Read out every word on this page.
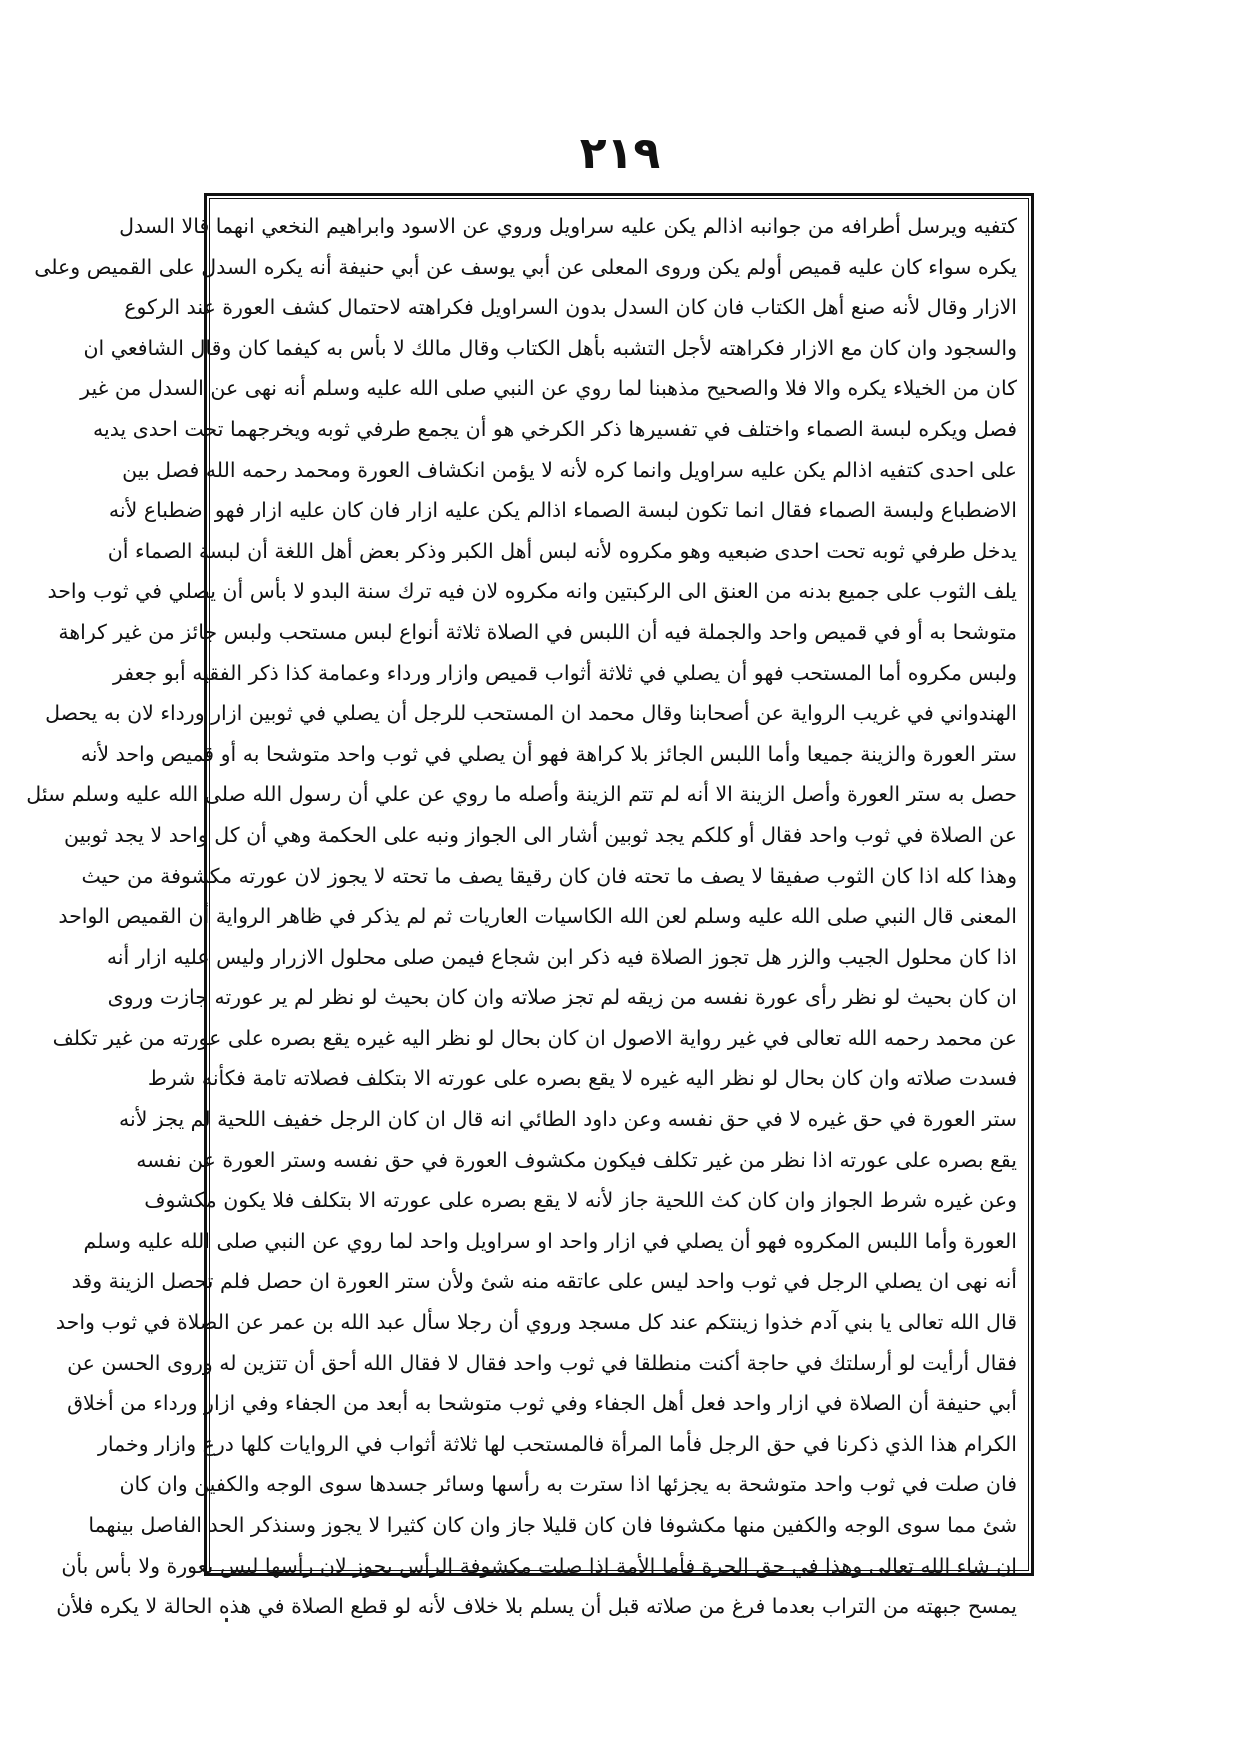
٢١٩
كتفيه ويرسل أطرافه من جوانبه اذالم يكن عليه سراويل وروي عن الاسود وابراهيم النخعي انهما قالا السدل
يكره سواء كان عليه قميص أولم يكن وروى المعلى عن أبي يوسف عن أبي حنيفة أنه يكره السدل على القميص وعلى
الازار وقال لأنه صنع أهل الكتاب فان كان السدل بدون السراويل فكراهته لاحتمال كشف العورة عند الركوع
والسجود وان كان مع الازار فكراهته لأجل التشبه بأهل الكتاب وقال مالك لا بأس به كيفما كان وقال الشافعي ان
كان من الخيلاء يكره والا فلا والصحيح مذهبنا لما روي عن النبي صلى الله عليه وسلم أنه نهى عن السدل من غير
فصل ويكره لبسة الصماء واختلف في تفسيرها ذكر الكرخي هو أن يجمع طرفي ثوبه ويخرجهما تحت احدى يديه
على احدى كتفيه اذالم يكن عليه سراويل وانما كره لأنه لا يؤمن انكشاف العورة ومحمد رحمه الله فصل بين
الاضطباع ولبسة الصماء فقال انما تكون لبسة الصماء اذالم يكن عليه ازار فان كان عليه ازار فهو اضطباع لأنه
يدخل طرفي ثوبه تحت احدى ضبعيه وهو مكروه لأنه لبس أهل الكبر وذكر بعض أهل اللغة أن لبسة الصماء أن
يلف الثوب على جميع بدنه من العنق الى الركبتين وانه مكروه لان فيه ترك سنة البدو لا بأس أن يصلي في ثوب واحد
متوشحا به أو في قميص واحد والجملة فيه أن اللبس في الصلاة ثلاثة أنواع لبس مستحب ولبس جائز من غير كراهة
ولبس مكروه أما المستحب فهو أن يصلي في ثلاثة أثواب قميص وازار ورداء وعمامة كذا ذكر الفقيه أبو جعفر
الهندواني في غريب الرواية عن أصحابنا وقال محمد ان المستحب للرجل أن يصلي في ثوبين ازار ورداء لان به يحصل
ستر العورة والزينة جميعا وأما اللبس الجائز بلا كراهة فهو أن يصلي في ثوب واحد متوشحا به أو قميص واحد لأنه
حصل به ستر العورة وأصل الزينة الا أنه لم تتم الزينة وأصله ما روي عن علي أن رسول الله صلى الله عليه وسلم سئل
عن الصلاة في ثوب واحد فقال أو كلكم يجد ثوبين أشار الى الجواز ونبه على الحكمة وهي أن كل واحد لا يجد ثوبين
وهذا كله اذا كان الثوب صفيقا لا يصف ما تحته فان كان رقيقا يصف ما تحته لا يجوز لان عورته مكشوفة من حيث
المعنى قال النبي صلى الله عليه وسلم لعن الله الكاسيات العاريات ثم لم يذكر في ظاهر الرواية أن القميص الواحد
اذا كان محلول الجيب والزر هل تجوز الصلاة فيه ذكر ابن شجاع فيمن صلى محلول الازرار وليس عليه ازار أنه
ان كان بحيث لو نظر رأى عورة نفسه من زيقه لم تجز صلاته وان كان بحيث لو نظر لم ير عورته جازت وروى
عن محمد رحمه الله تعالى في غير رواية الاصول ان كان بحال لو نظر اليه غيره يقع بصره على عورته من غير تكلف
فسدت صلاته وان كان بحال لو نظر اليه غيره لا يقع بصره على عورته الا بتكلف فصلاته تامة فكأنه شرط
ستر العورة في حق غيره لا في حق نفسه وعن داود الطائي انه قال ان كان الرجل خفيف اللحية لم يجز لأنه
يقع بصره على عورته اذا نظر من غير تكلف فيكون مكشوف العورة في حق نفسه وستر العورة عن نفسه
وعن غيره شرط الجواز وان كان كث اللحية جاز لأنه لا يقع بصره على عورته الا بتكلف فلا يكون مكشوف
العورة وأما اللبس المكروه فهو أن يصلي في ازار واحد او سراويل واحد لما روي عن النبي صلى الله عليه وسلم
أنه نهى ان يصلي الرجل في ثوب واحد ليس على عاتقه منه شئ ولأن ستر العورة ان حصل فلم تحصل الزينة وقد
قال الله تعالى يا بني آدم خذوا زينتكم عند كل مسجد وروي أن رجلا سأل عبد الله بن عمر عن الصلاة في ثوب واحد
فقال أرأيت لو أرسلتك في حاجة أكنت منطلقا في ثوب واحد فقال لا فقال الله أحق أن تتزين له وروى الحسن عن
أبي حنيفة أن الصلاة في ازار واحد فعل أهل الجفاء وفي ثوب متوشحا به أبعد من الجفاء وفي ازار ورداء من أخلاق
الكرام هذا الذي ذكرنا في حق الرجل فأما المرأة فالمستحب لها ثلاثة أثواب في الروايات كلها درع وازار وخمار
فان صلت في ثوب واحد متوشحة به يجزئها اذا سترت به رأسها وسائر جسدها سوى الوجه والكفين وان كان
شئ مما سوى الوجه والكفين منها مكشوفا فان كان قليلا جاز وان كان كثيرا لا يجوز وسنذكر الحد الفاصل بينهما
ان شاء الله تعالى وهذا في حق الحرة فأما الأمة اذا صلت مكشوفة الرأس يجوز لان رأسها ليس بعورة ولا بأس بأن
يمسح جبهته من التراب بعدما فرغ من صلاته قبل أن يسلم بلا خلاف لأنه لو قطع الصلاة في هذه الحالة لا يكره فلأن
